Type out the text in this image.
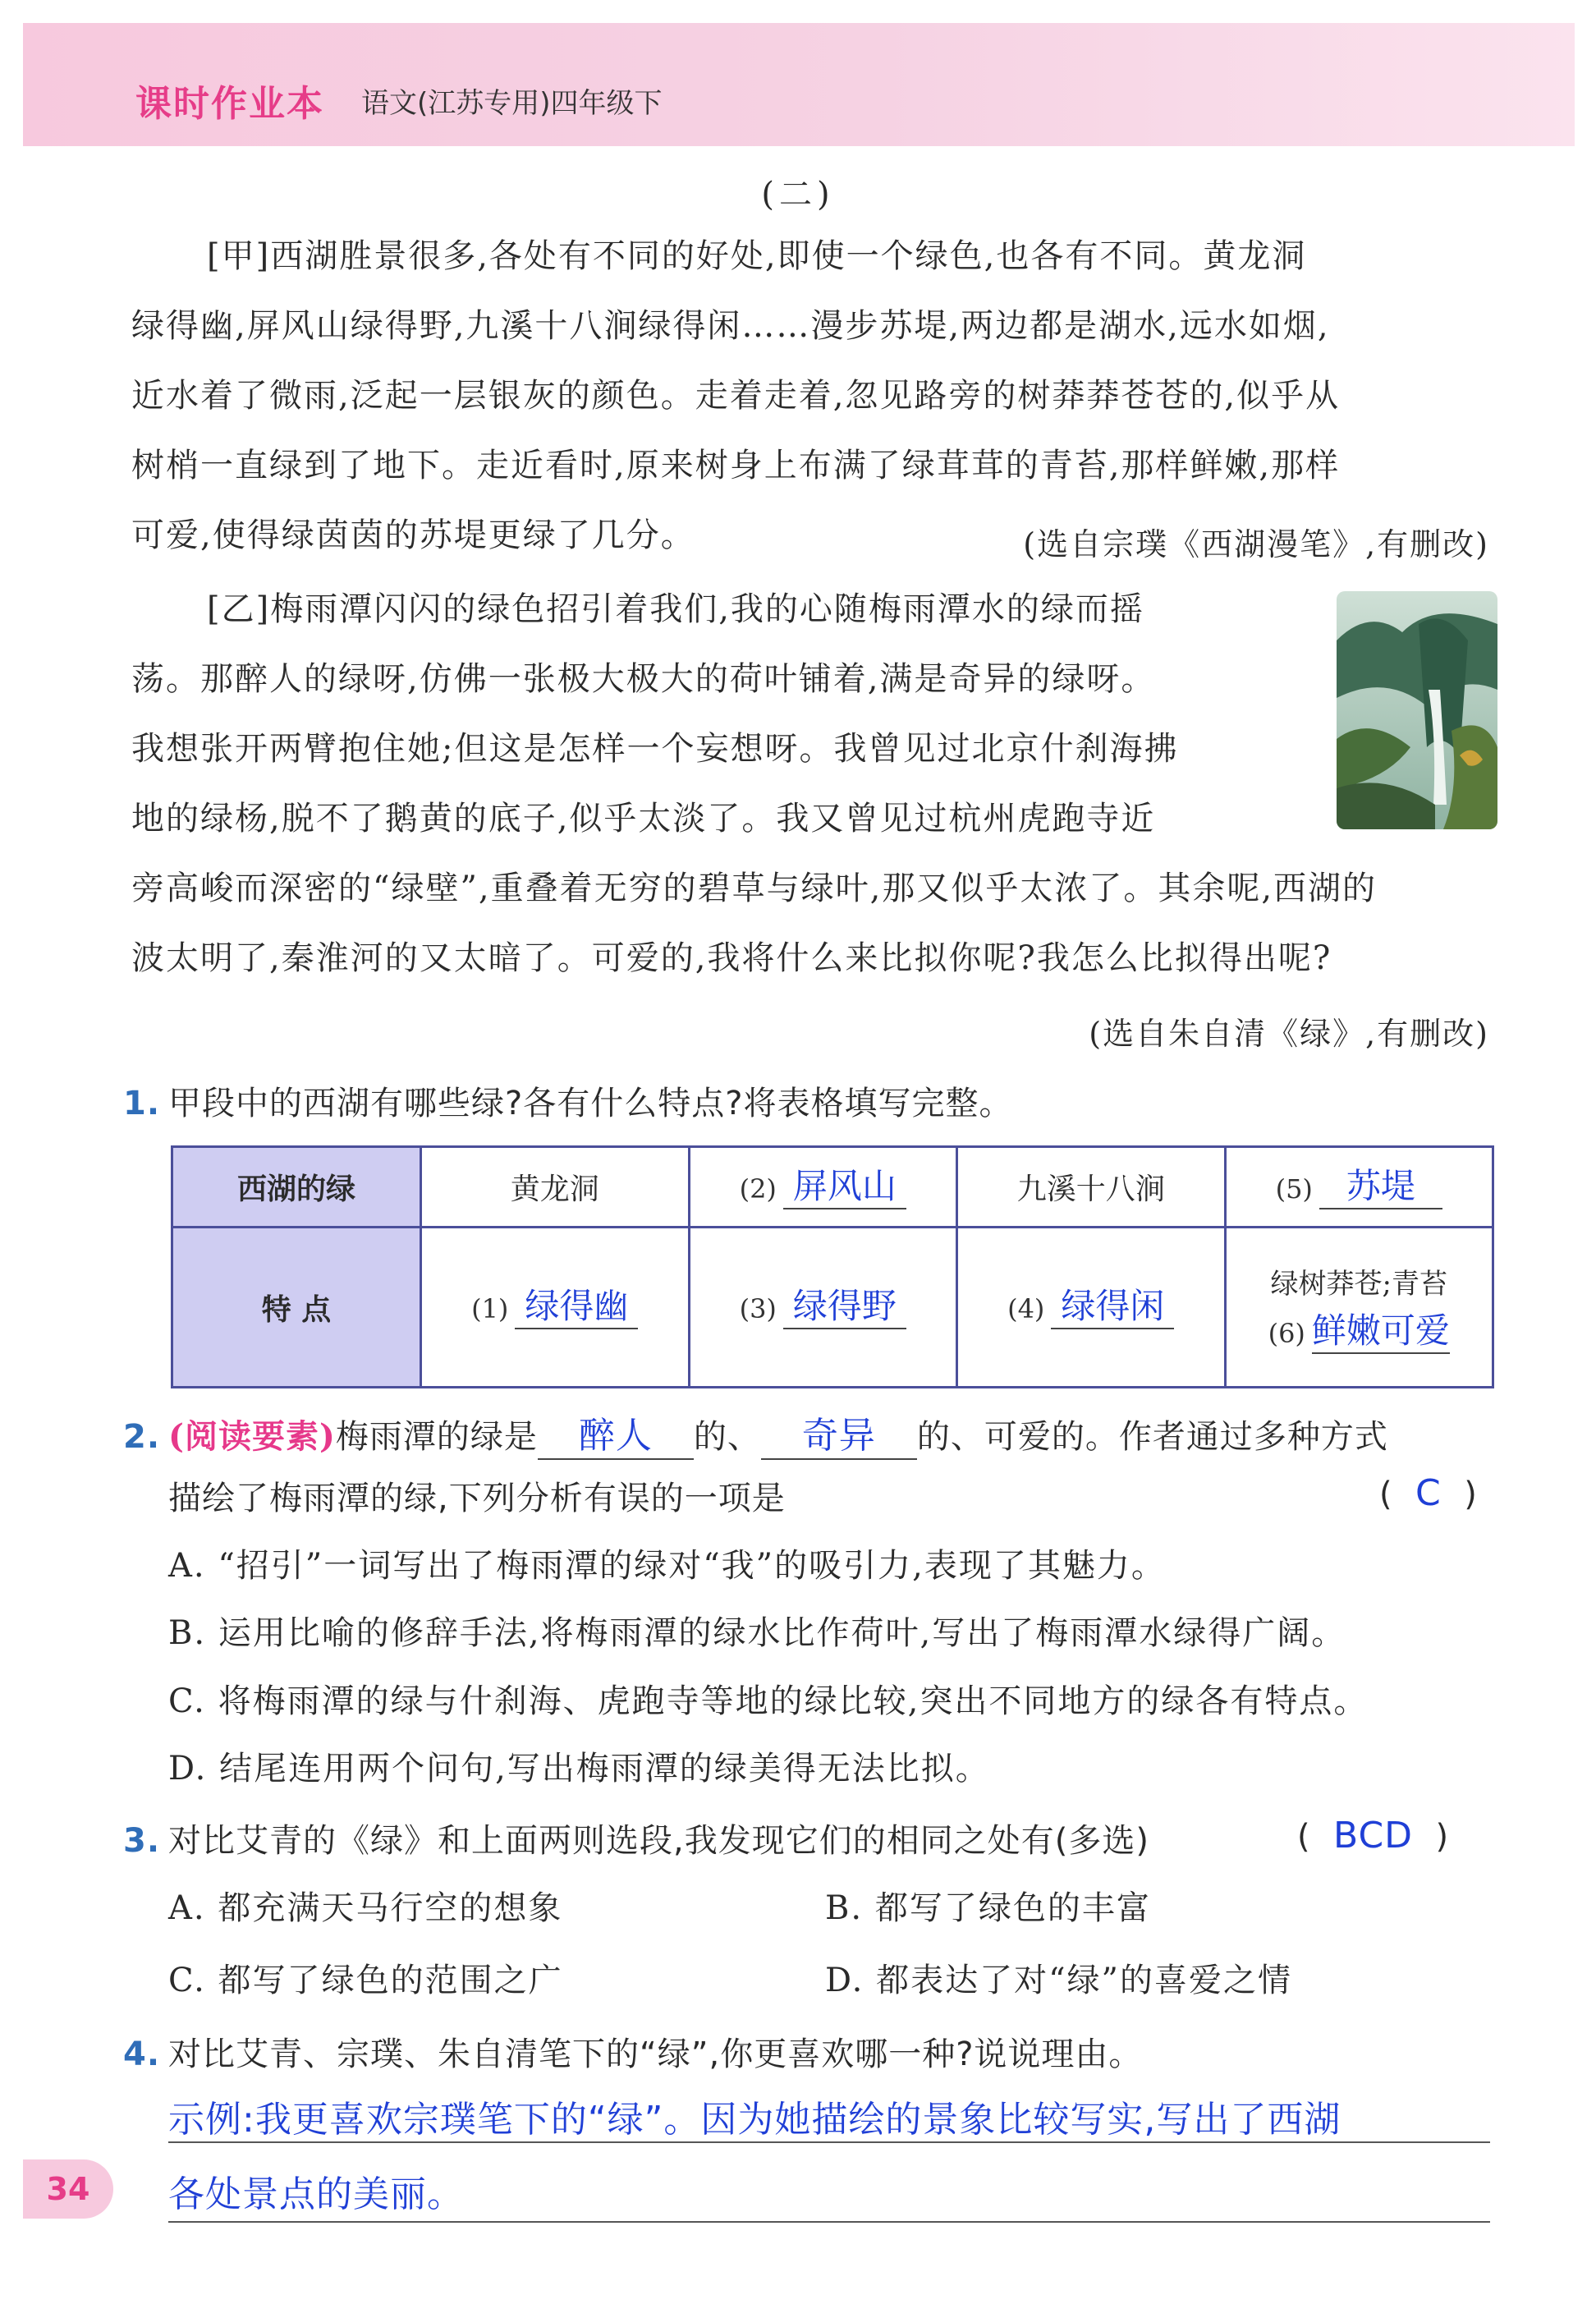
课时作业本 语文(江苏专用)四年级下
(二)
[甲]西湖胜景很多,各处有不同的好处,即使一个绿色,也各有不同。黄龙洞
绿得幽,屏风山绿得野,九溪十八涧绿得闲……漫步苏堤,两边都是湖水,远水如烟,
近水着了微雨,泛起一层银灰的颜色。走着走着,忽见路旁的树莽莽苍苍的,似乎从
树梢一直绿到了地下。走近看时,原来树身上布满了绿茸茸的青苔,那样鲜嫩,那样
可爱,使得绿茵茵的苏堤更绿了几分。	(选自宗璞《西湖漫笔》,有删改)
[乙]梅雨潭闪闪的绿色招引着我们,我的心随梅雨潭水的绿而摇
荡。那醉人的绿呀,仿佛一张极大极大的荷叶铺着,满是奇异的绿呀。
我想张开两臂抱住她;但这是怎样一个妄想呀。我曾见过北京什刹海拂
地的绿杨,脱不了鹅黄的底子,似乎太淡了。我又曾见过杭州虎跑寺近
旁高峻而深密的“绿壁”,重叠着无穷的碧草与绿叶,那又似乎太浓了。其余呢,西湖的
波太明了,秦淮河的又太暗了。可爱的,我将什么来比拟你呢?我怎么比拟得出呢?
(选自朱自清《绿》,有删改)
1. 甲段中的西湖有哪些绿?各有什么特点?将表格填写完整。
西湖的绿	黄龙洞	(2) 屏风山	九溪十八涧	(5) 苏堤
特 点	(1) 绿得幽	(3) 绿得野	(4) 绿得闲	绿树莽苍;青苔
(6) 鲜嫩可爱
2. (阅读要素)梅雨潭的绿是 醉人 的、 奇异 的、可爱的。作者通过多种方式
描绘了梅雨潭的绿,下列分析有误的一项是	( C )
A. “招引”一词写出了梅雨潭的绿对“我”的吸引力,表现了其魅力。
B. 运用比喻的修辞手法,将梅雨潭的绿水比作荷叶,写出了梅雨潭水绿得广阔。
C. 将梅雨潭的绿与什刹海、虎跑寺等地的绿比较,突出不同地方的绿各有特点。
D. 结尾连用两个问句,写出梅雨潭的绿美得无法比拟。
3. 对比艾青的《绿》和上面两则选段,我发现它们的相同之处有(多选)	( BCD )
A. 都充满天马行空的想象	B. 都写了绿色的丰富
C. 都写了绿色的范围之广	D. 都表达了对“绿”的喜爱之情
4. 对比艾青、宗璞、朱自清笔下的“绿”,你更喜欢哪一种?说说理由。
示例:我更喜欢宗璞笔下的“绿”。因为她描绘的景象比较写实,写出了西湖
各处景点的美丽。
34
